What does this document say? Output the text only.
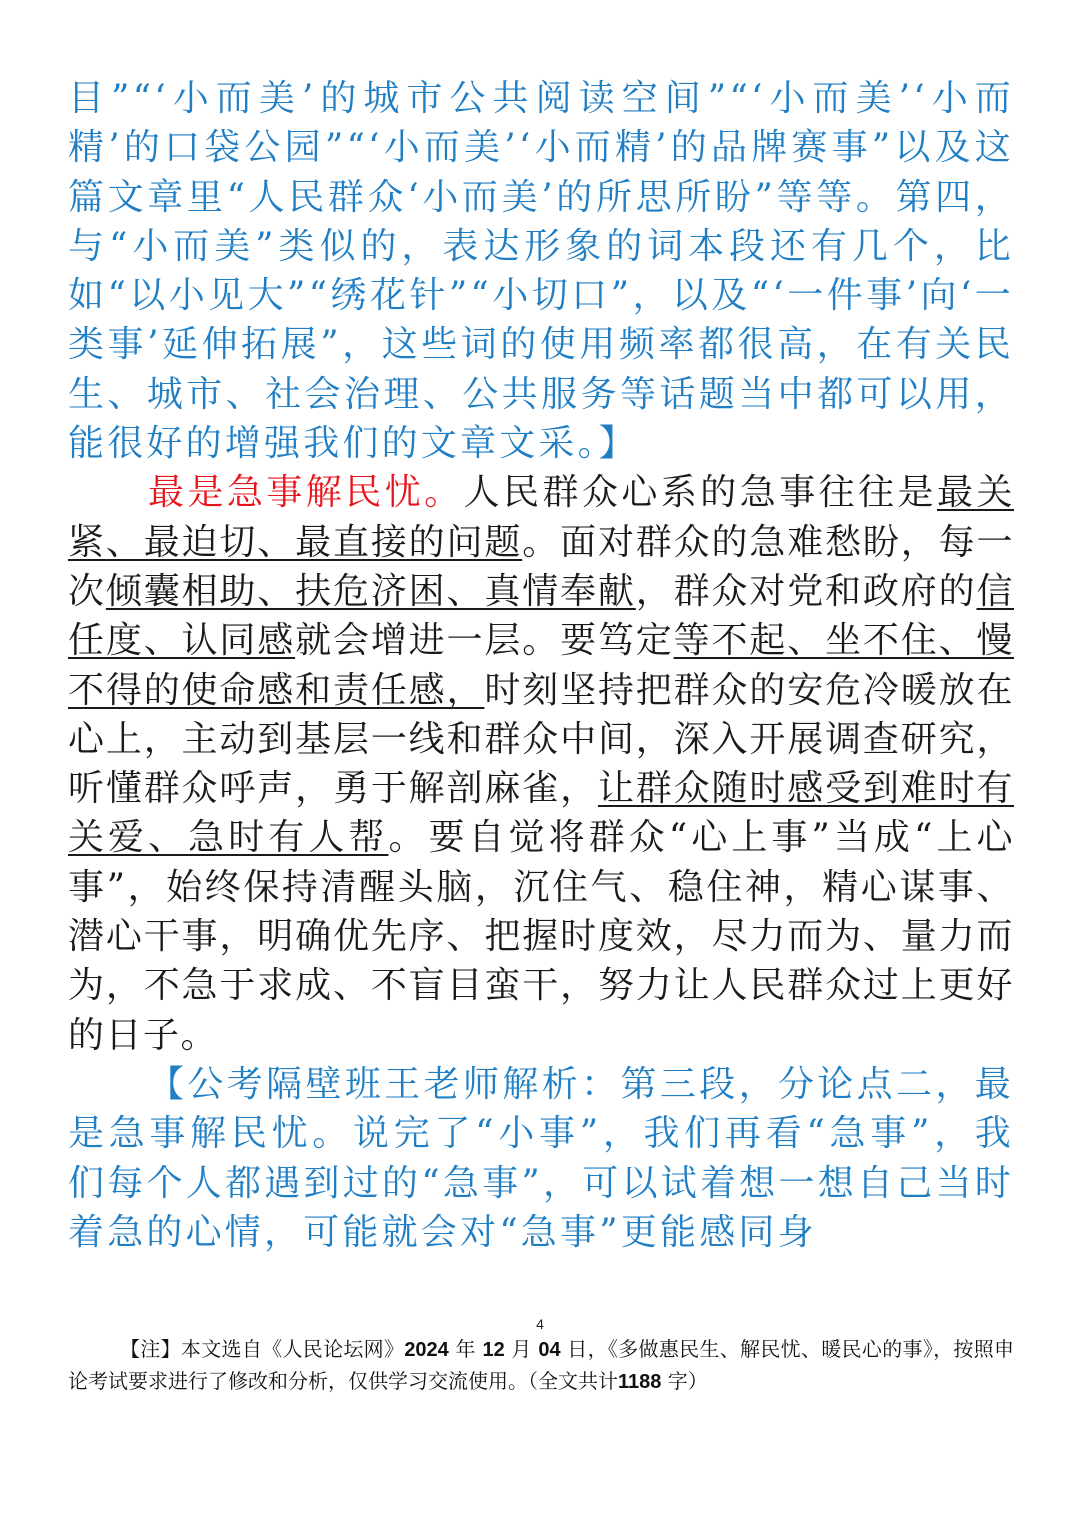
目”“‘小而美’的城市公共阅读空间”“‘小而美’‘小而精’的口袋公园”“‘小而美’‘小而精’的品牌赛事”以及这篇文章里“人民群众‘小而美’的所思所盼”等等。第四，与“小而美”类似的，表达形象的词本段还有几个，比如“以小见大”“绣花针”“小切口”，以及“‘一件事’向‘一类事’延伸拓展”，这些词的使用频率都很高，在有关民生、城市、社会治理、公共服务等话题当中都可以用，能很好的增强我们的文章文采。】

最是急事解民忧。人民群众心系的急事往往是最关紧、最迫切、最直接的问题。面对群众的急难愁盼，每一次倾囊相助、扶危济困、真情奉献，群众对党和政府的信任度、认同感就会增进一层。要笃定等不起、坐不住、慢不得的使命感和责任感，时刻坚持把群众的安危冷暖放在心上，主动到基层一线和群众中间，深入开展调查研究，听懂群众呼声，勇于解剖麻雀，让群众随时感受到难时有关爱、急时有人帮。要自觉将群众“心上事”当成“上心事”，始终保持清醒头脑，沉住气、稳住神，精心谋事、潜心干事，明确优先序、把握时度效，尽力而为、量力而为，不急于求成、不盲目蛮干，努力让人民群众过上更好的日子。

【公考隔壁班王老师解析：第三段，分论点二，最是急事解民忧。说完了“小事”，我们再看“急事”，我们每个人都遇到过的“急事”，可以试着想一想自己当时着急的心情，可能就会对“急事”更能感同身

4

【注】本文选自《人民论坛网》2024 年 12 月 04 日，《多做惠民生、解民忧、暖民心的事》，按照申论考试要求进行了修改和分析，仅供学习交流使用。（全文共计1188 字）
